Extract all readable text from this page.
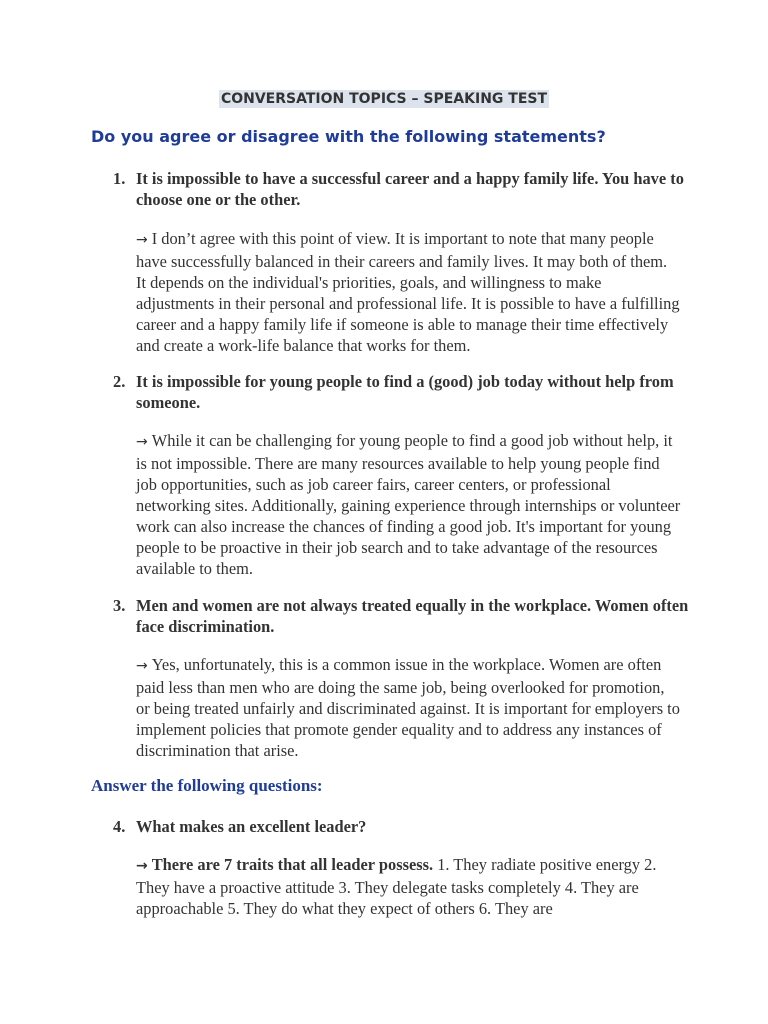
CONVERSATION TOPICS – SPEAKING TEST
Do you agree or disagree with the following statements?
1. It is impossible to have a successful career and a happy family life. You have to choose one or the other.
→ I don’t agree with this point of view. It is important to note that many people have successfully balanced in their careers and family lives. It may both of them. It depends on the individual's priorities, goals, and willingness to make adjustments in their personal and professional life. It is possible to have a fulfilling career and a happy family life if someone is able to manage their time effectively and create a work-life balance that works for them.
2. It is impossible for young people to find a (good) job today without help from someone.
→ While it can be challenging for young people to find a good job without help, it is not impossible. There are many resources available to help young people find job opportunities, such as job career fairs, career centers, or professional networking sites. Additionally, gaining experience through internships or volunteer work can also increase the chances of finding a good job. It's important for young people to be proactive in their job search and to take advantage of the resources available to them.
3. Men and women are not always treated equally in the workplace. Women often face discrimination.
→ Yes, unfortunately, this is a common issue in the workplace. Women are often paid less than men who are doing the same job, being overlooked for promotion, or being treated unfairly and discriminated against. It is important for employers to implement policies that promote gender equality and to address any instances of discrimination that arise.
Answer the following questions:
4. What makes an excellent leader?
→ There are 7 traits that all leader possess. 1. They radiate positive energy 2. They have a proactive attitude 3. They delegate tasks completely 4. They are approachable 5. They do what they expect of others 6. They are
